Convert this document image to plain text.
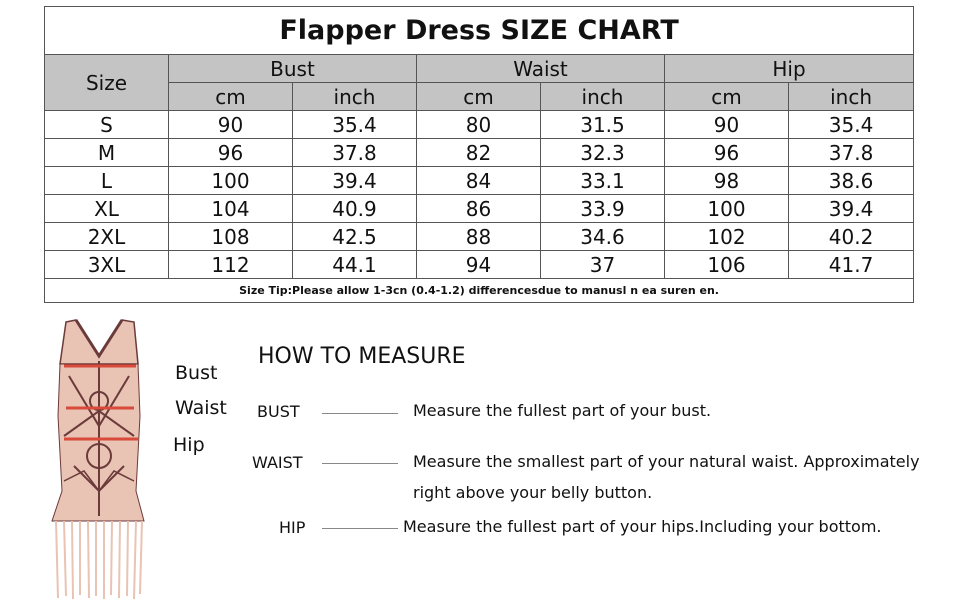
Flapper Dress SIZE CHART						
Size	Bust		Waist		Hip	
	cm	inch	cm	inch	cm	inch
S	90	35.4	80	31.5	90	35.4
M	96	37.8	82	32.3	96	37.8
L	100	39.4	84	33.1	98	38.6
XL	104	40.9	86	33.9	100	39.4
2XL	108	42.5	88	34.6	102	40.2
3XL	112	44.1	94	37	106	41.7
Size Tip:Please allow 1-3cn (0.4-1.2) differencesdue to manusl n ea suren en.						
Bust
Waist
Hip
HOW TO MEASURE
BUST	Measure the fullest part of your bust.
WAIST	Measure the smallest part of your natural waist. Approximately
right above your belly button.
HIP	Measure the fullest part of your hips.Including your bottom.
